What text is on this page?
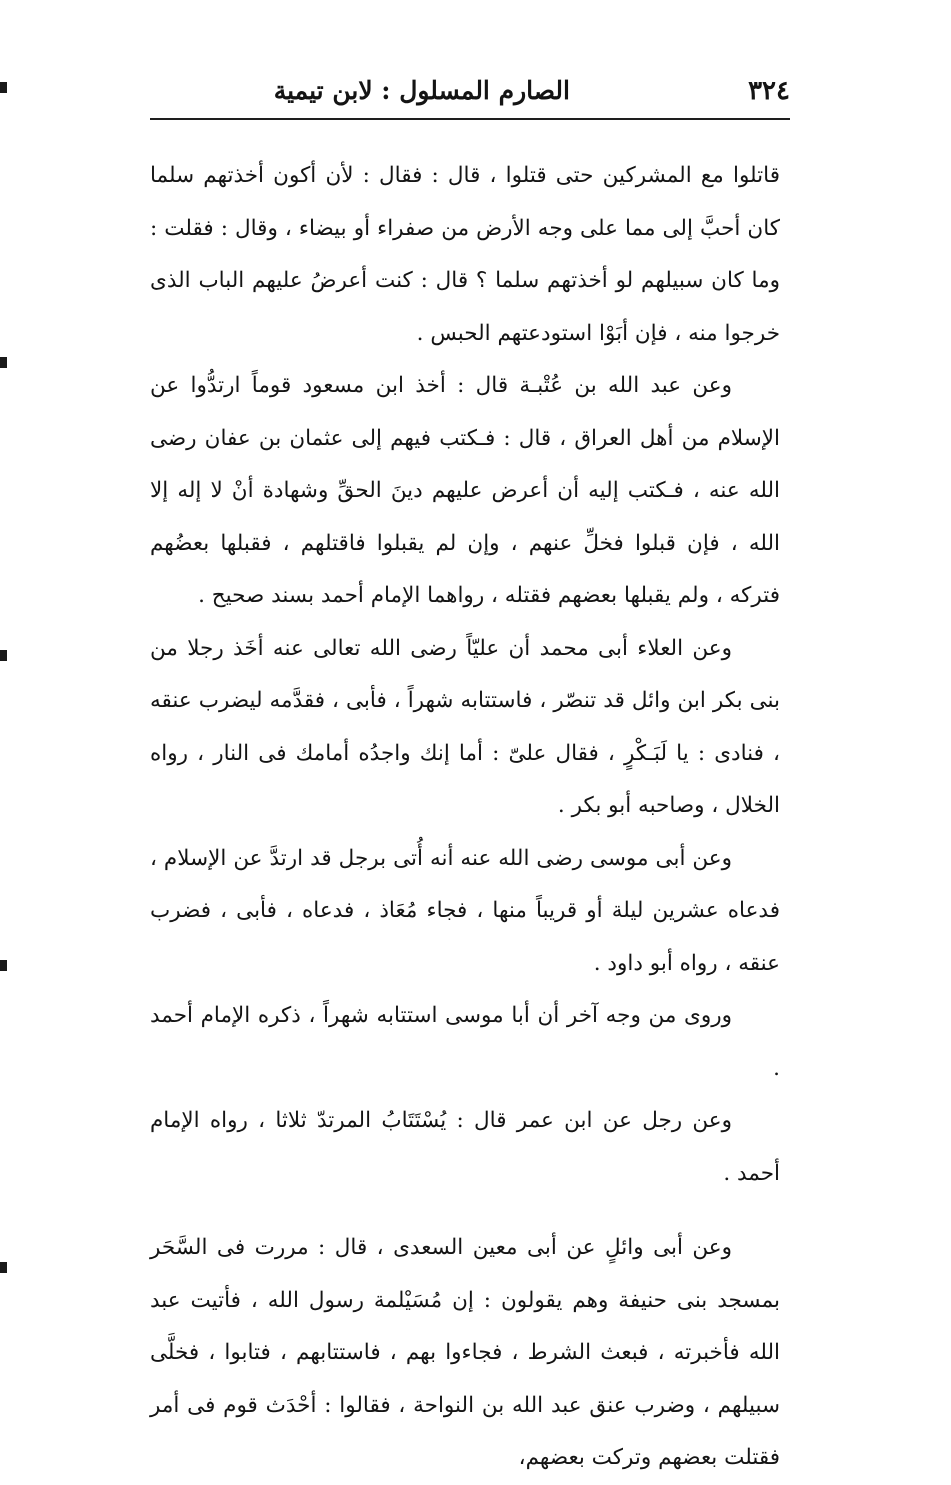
٣٢٤
الصارم المسلول : لابن تيمية

قاتلوا مع المشركين حتى قتلوا ، قال : فقال : لأن أكون أخذتهم سلما كان أحبَّ إلى مما على وجه الأرض من صفراء أو بيضاء ، وقال : فقلت : وما كان سبيلهم لو أخذتهم سلما ؟ قال : كنت أعرضُ عليهم الباب الذى خرجوا منه ، فإن أبَوْا استودعتهم الحبس .

وعن عبد الله بن عُتْبـة قال : أخذ ابن مسعود قوماً ارتدُّوا عن الإسلام من أهل العراق ، قال : فـكتب فيهم إلى عثمان بن عفان رضى الله عنه ، فـكتب إليه أن أعرض عليهم دينَ الحقِّ وشهادة أنْ لا إله إلا الله ، فإن قبلوا فخلِّ عنهم ، وإن لم يقبلوا فاقتلهم ، فقبلها بعضُهم فتركه ، ولم يقبلها بعضهم فقتله ، رواهما الإمام أحمد بسند صحيح .

وعن العلاء أبى محمد أن عليّاً رضى الله تعالى عنه أخَذ رجلا من بنى بكر ابن وائل قد تنصّر ، فاستتابه شهراً ، فأبى ، فقدَّمه ليضرب عنقه ، فنادى : يا لَبَـكْرٍ ، فقال علىّ : أما إنك واجدُه أمامك فى النار ، رواه الخلال ، وصاحبه أبو بكر .

وعن أبى موسى رضى الله عنه أنه أُتى برجل قد ارتدَّ عن الإسلام ، فدعاه عشرين ليلة أو قريباً منها ، فجاء مُعَاذ ، فدعاه ، فأبى ، فضرب عنقه ، رواه أبو داود .

وروى من وجه آخر أن أبا موسى استتابه شهراً ، ذكره الإمام أحمد .

وعن رجل عن ابن عمر قال : يُسْتَتَابُ المرتدّ ثلاثا ، رواه الإمام أحمد .

وعن أبى وائلٍ عن أبى معين السعدى ، قال : مررت فى السَّحَر بمسجد بنى حنيفة وهم يقولون : إن مُسَيْلمة رسول الله ، فأتيت عبد الله فأخبرته ، فبعث الشرط ، فجاءوا بهم ، فاستتابهم ، فتابوا ، فخلَّى سبيلهم ، وضرب عنق عبد الله بن النواحة ، فقالوا : أحْدَث قوم فى أمر فقتلت بعضهم وتركت بعضهم،
